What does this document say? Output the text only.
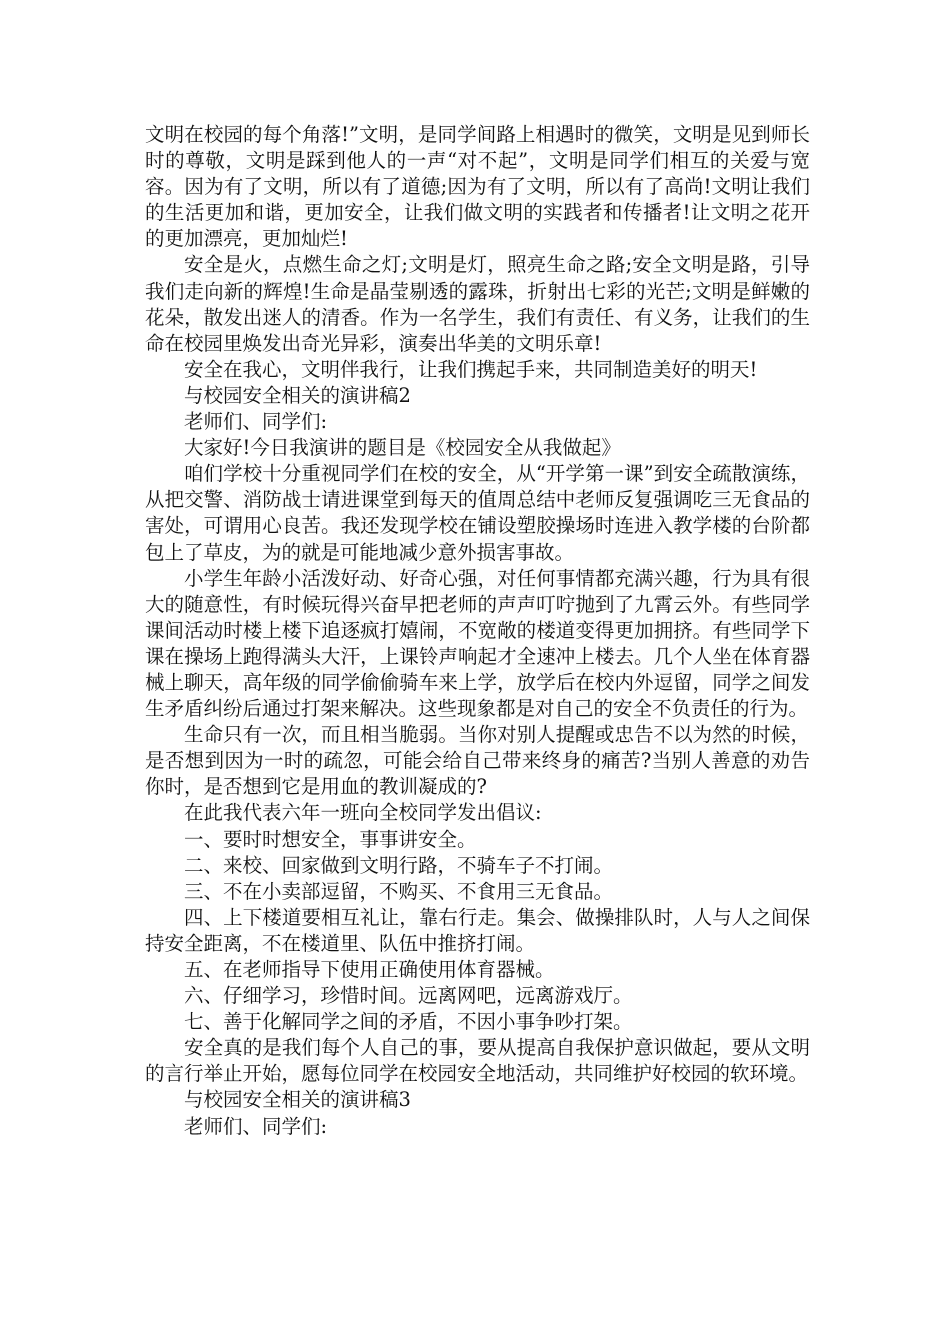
文明在校园的每个角落!”文明，是同学间路上相遇时的微笑，文明是见到师长时的尊敬，文明是踩到他人的一声“对不起”，文明是同学们相互的关爱与宽容。因为有了文明，所以有了道德;因为有了文明，所以有了高尚!文明让我们的生活更加和谐，更加安全，让我们做文明的实践者和传播者!让文明之花开的更加漂亮，更加灿烂!

安全是火，点燃生命之灯;文明是灯，照亮生命之路;安全文明是路，引导我们走向新的辉煌!生命是晶莹剔透的露珠，折射出七彩的光芒;文明是鲜嫩的花朵，散发出迷人的清香。作为一名学生，我们有责任、有义务，让我们的生命在校园里焕发出奇光异彩，演奏出华美的文明乐章!

安全在我心，文明伴我行，让我们携起手来，共同制造美好的明天!

与校园安全相关的演讲稿2

老师们、同学们:

大家好!今日我演讲的题目是《校园安全从我做起》

咱们学校十分重视同学们在校的安全，从“开学第一课”到安全疏散演练，从把交警、消防战士请进课堂到每天的值周总结中老师反复强调吃三无食品的害处，可谓用心良苦。我还发现学校在铺设塑胶操场时连进入教学楼的台阶都包上了草皮，为的就是可能地减少意外损害事故。

小学生年龄小活泼好动、好奇心强，对任何事情都充满兴趣，行为具有很大的随意性，有时候玩得兴奋早把老师的声声叮咛抛到了九霄云外。有些同学课间活动时楼上楼下追逐疯打嬉闹，不宽敞的楼道变得更加拥挤。有些同学下课在操场上跑得满头大汗，上课铃声响起才全速冲上楼去。几个人坐在体育器械上聊天，高年级的同学偷偷骑车来上学，放学后在校内外逗留，同学之间发生矛盾纠纷后通过打架来解决。这些现象都是对自己的安全不负责任的行为。

生命只有一次，而且相当脆弱。当你对别人提醒或忠告不以为然的时候，是否想到因为一时的疏忽，可能会给自己带来终身的痛苦?当别人善意的劝告你时，是否想到它是用血的教训凝成的?

在此我代表六年一班向全校同学发出倡议:

一、要时时想安全，事事讲安全。

二、来校、回家做到文明行路，不骑车子不打闹。

三、不在小卖部逗留，不购买、不食用三无食品。

四、上下楼道要相互礼让，靠右行走。集会、做操排队时，人与人之间保持安全距离，不在楼道里、队伍中推挤打闹。

五、在老师指导下使用正确使用体育器械。

六、仔细学习，珍惜时间。远离网吧，远离游戏厅。

七、善于化解同学之间的矛盾，不因小事争吵打架。

安全真的是我们每个人自己的事，要从提高自我保护意识做起，要从文明的言行举止开始，愿每位同学在校园安全地活动，共同维护好校园的软环境。

与校园安全相关的演讲稿3

老师们、同学们:
